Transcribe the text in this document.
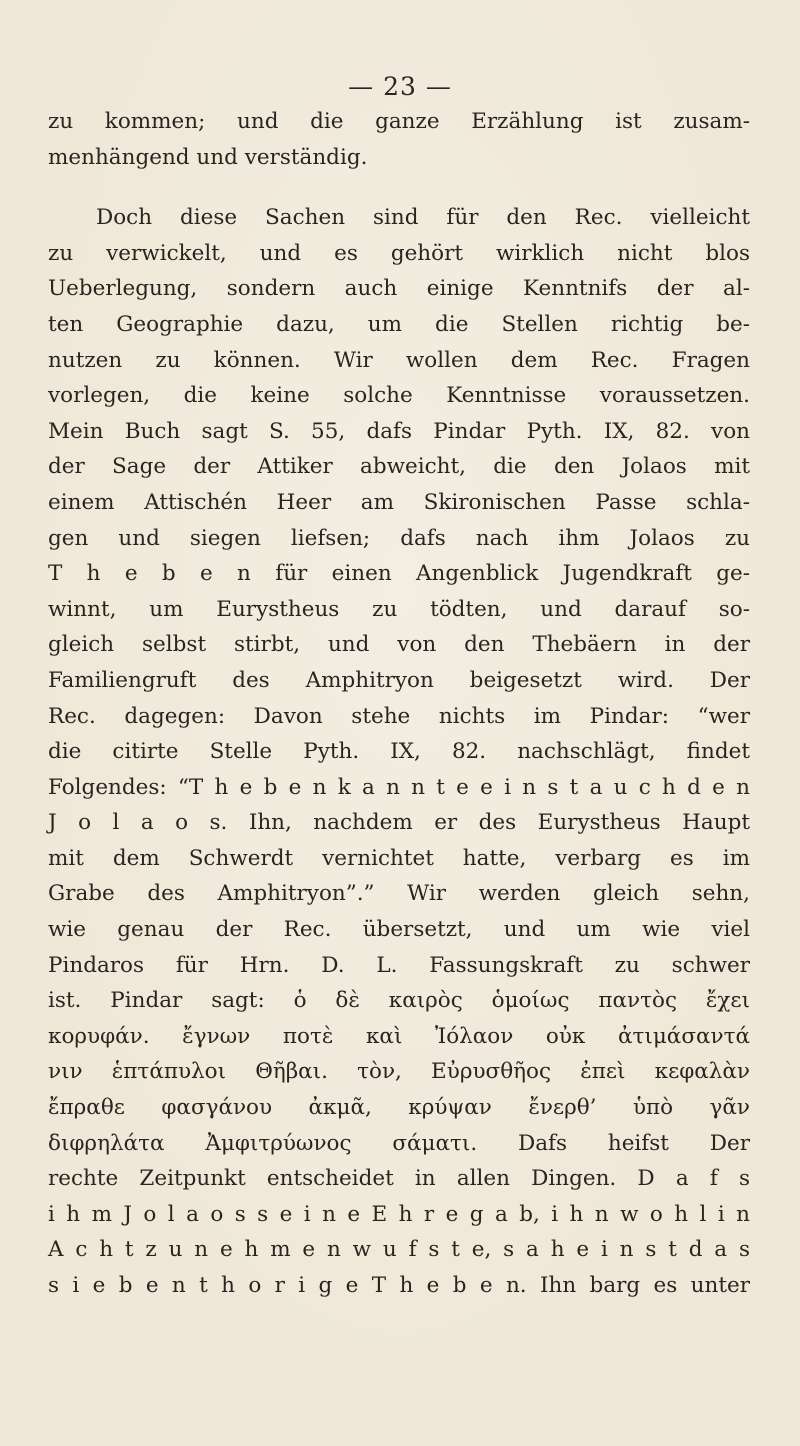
— 23 —
zu kommen; und die ganze Erzählung ist zusam-
menhängend und verständig.
Doch diese Sachen sind für den Rec. vielleicht
zu verwickelt, und es gehört wirklich nicht blos
Ueberlegung, sondern auch einige Kenntnifs der al-
ten Geographie dazu, um die Stellen richtig be-
nutzen zu können. Wir wollen dem Rec. Fragen
vorlegen, die keine solche Kenntnisse voraussetzen.
Mein Buch sagt S. 55, dafs Pindar Pyth. IX, 82. von
der Sage der Attiker abweicht, die den Jolaos mit
einem Attischén Heer am Skironischen Passe schla-
gen und siegen liefsen; dafs nach ihm Jolaos zu
T h e b e n für einen Angenblick Jugendkraft ge-
winnt, um Eurystheus zu tödten, und darauf so-
gleich selbst stirbt, und von den Thebäern in der
Familiengruft des Amphitryon beigesetzt wird. Der
Rec. dagegen: Davon stehe nichts im Pindar: “wer
die citirte Stelle Pyth. IX, 82. nachschlägt, findet
Folgendes: “T h e b e n k a n n t e e i n s t a u c h d e n
J o l a o s. Ihn, nachdem er des Eurystheus Haupt
mit dem Schwerdt vernichtet hatte, verbarg es im
Grabe des Amphitryon”.” Wir werden gleich sehn,
wie genau der Rec. übersetzt, und um wie viel
Pindaros für Hrn. D. L. Fassungskraft zu schwer
ist. Pindar sagt: ὁ δὲ καιρὸς ὁμοίως παντὸς ἔχει
κορυφάν. ἔγνων ποτὲ καὶ Ἰόλαον οὐκ ἀτιμάσαντά
νιν ἑπτάπυλοι Θῆβαι. τὸν, Εὐρυσθῆος ἐπεὶ κεφαλὰν
ἔπραθε φασγάνου ἀκμᾶ, κρύψαν ἔνερθ’ ὑπὸ γᾶν
διφρηλάτα Ἀμφιτρύωνος σάματι. Dafs heifst Der
rechte Zeitpunkt entscheidet in allen Dingen. D a f s
i h m J o l a o s s e i n e E h r e g a b, i h n w o h l i n
A c h t z u n e h m e n w u f s t e, s a h e i n s t d a s
s i e b e n t h o r i g e T h e b e n. Ihn barg es unter
